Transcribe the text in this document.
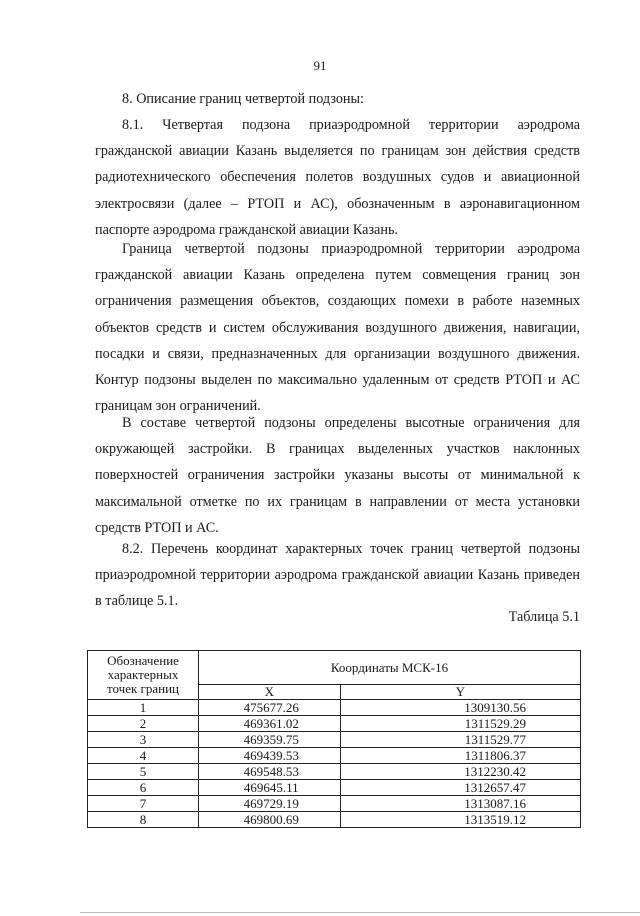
91

8. Описание границ четвертой подзоны:

8.1. Четвертая подзона приаэродромной территории аэродрома гражданской авиации Казань выделяется по границам зон действия средств радиотехнического обеспечения полетов воздушных судов и авиационной электросвязи (далее – РТОП и АС), обозначенным в аэронавигационном паспорте аэродрома гражданской авиации Казань.

Граница четвертой подзоны приаэродромной территории аэродрома гражданской авиации Казань определена путем совмещения границ зон ограничения размещения объектов, создающих помехи в работе наземных объектов средств и систем обслуживания воздушного движения, навигации, посадки и связи, предназначенных для организации воздушного движения. Контур подзоны выделен по максимально удаленным от средств РТОП и АС границам зон ограничений.

В составе четвертой подзоны определены высотные ограничения для окружающей застройки. В границах выделенных участков наклонных поверхностей ограничения застройки указаны высоты от минимальной к максимальной отметке по их границам в направлении от места установки средств РТОП и АС.

8.2. Перечень координат характерных точек границ четвертой подзоны приаэродромной территории аэродрома гражданской авиации Казань приведен в таблице 5.1.

Таблица 5.1
Обозначение характерных точек границ	Координаты МСК-16	
	X	Y
1	475677.26	1309130.56
2	469361.02	1311529.29
3	469359.75	1311529.77
4	469439.53	1311806.37
5	469548.53	1312230.42
6	469645.11	1312657.47
7	469729.19	1313087.16
8	469800.69	1313519.12
